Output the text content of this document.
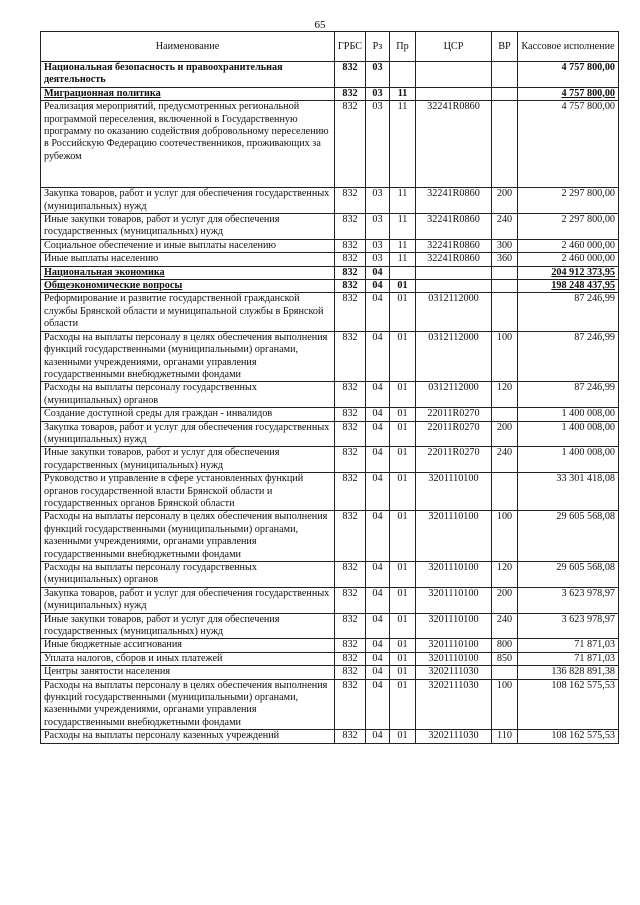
65
Наименование	ГРБС	Рз	Пр	ЦСР	ВР	Кассовое исполнение
Национальная безопасность и правоохранительная деятельность	832	03				4 757 800,00
Миграционная политика	832	03	11			4 757 800,00
Реализация мероприятий, предусмотренных региональной программой переселения, включенной в Государственную программу по оказанию содействия добровольному переселению в Российскую Федерацию соотечественников, проживающих за рубежом	832	03	11	32241R0860		4 757 800,00
Закупка товаров, работ и услуг для обеспечения государственных (муниципальных) нужд	832	03	11	32241R0860	200	2 297 800,00
Иные закупки товаров, работ и услуг для обеспечения государственных (муниципальных) нужд	832	03	11	32241R0860	240	2 297 800,00
Социальное обеспечение и иные выплаты населению	832	03	11	32241R0860	300	2 460 000,00
Иные выплаты населению	832	03	11	32241R0860	360	2 460 000,00
Национальная экономика	832	04				204 912 373,95
Общеэкономические вопросы	832	04	01			198 248 437,95
Реформирование и развитие государственной гражданской службы Брянской области и муниципальной службы в Брянской области	832	04	01	0312112000		87 246,99
Расходы на выплаты персоналу в целях обеспечения выполнения функций государственными (муниципальными) органами, казенными учреждениями, органами управления государственными внебюджетными фондами	832	04	01	0312112000	100	87 246,99
Расходы на выплаты персоналу государственных (муниципальных) органов	832	04	01	0312112000	120	87 246,99
Создание доступной среды для граждан - инвалидов	832	04	01	22011R0270		1 400 008,00
Закупка товаров, работ и услуг для обеспечения государственных (муниципальных) нужд	832	04	01	22011R0270	200	1 400 008,00
Иные закупки товаров, работ и услуг для обеспечения государственных (муниципальных) нужд	832	04	01	22011R0270	240	1 400 008,00
Руководство и управление в сфере установленных функций органов государственной власти Брянской области и государственных органов Брянской области	832	04	01	3201110100		33 301 418,08
Расходы на выплаты персоналу в целях обеспечения выполнения функций государственными (муниципальными) органами, казенными учреждениями, органами управления государственными внебюджетными фондами	832	04	01	3201110100	100	29 605 568,08
Расходы на выплаты персоналу государственных (муниципальных) органов	832	04	01	3201110100	120	29 605 568,08
Закупка товаров, работ и услуг для обеспечения государственных (муниципальных) нужд	832	04	01	3201110100	200	3 623 978,97
Иные закупки товаров, работ и услуг для обеспечения государственных (муниципальных) нужд	832	04	01	3201110100	240	3 623 978,97
Иные бюджетные ассигнования	832	04	01	3201110100	800	71 871,03
Уплата налогов, сборов и иных платежей	832	04	01	3201110100	850	71 871,03
Центры занятости населения	832	04	01	3202111030		136 828 891,38
Расходы на выплаты персоналу в целях обеспечения выполнения функций государственными (муниципальными) органами, казенными учреждениями, органами управления государственными внебюджетными фондами	832	04	01	3202111030	100	108 162 575,53
Расходы на выплаты персоналу казенных учреждений	832	04	01	3202111030	110	108 162 575,53
